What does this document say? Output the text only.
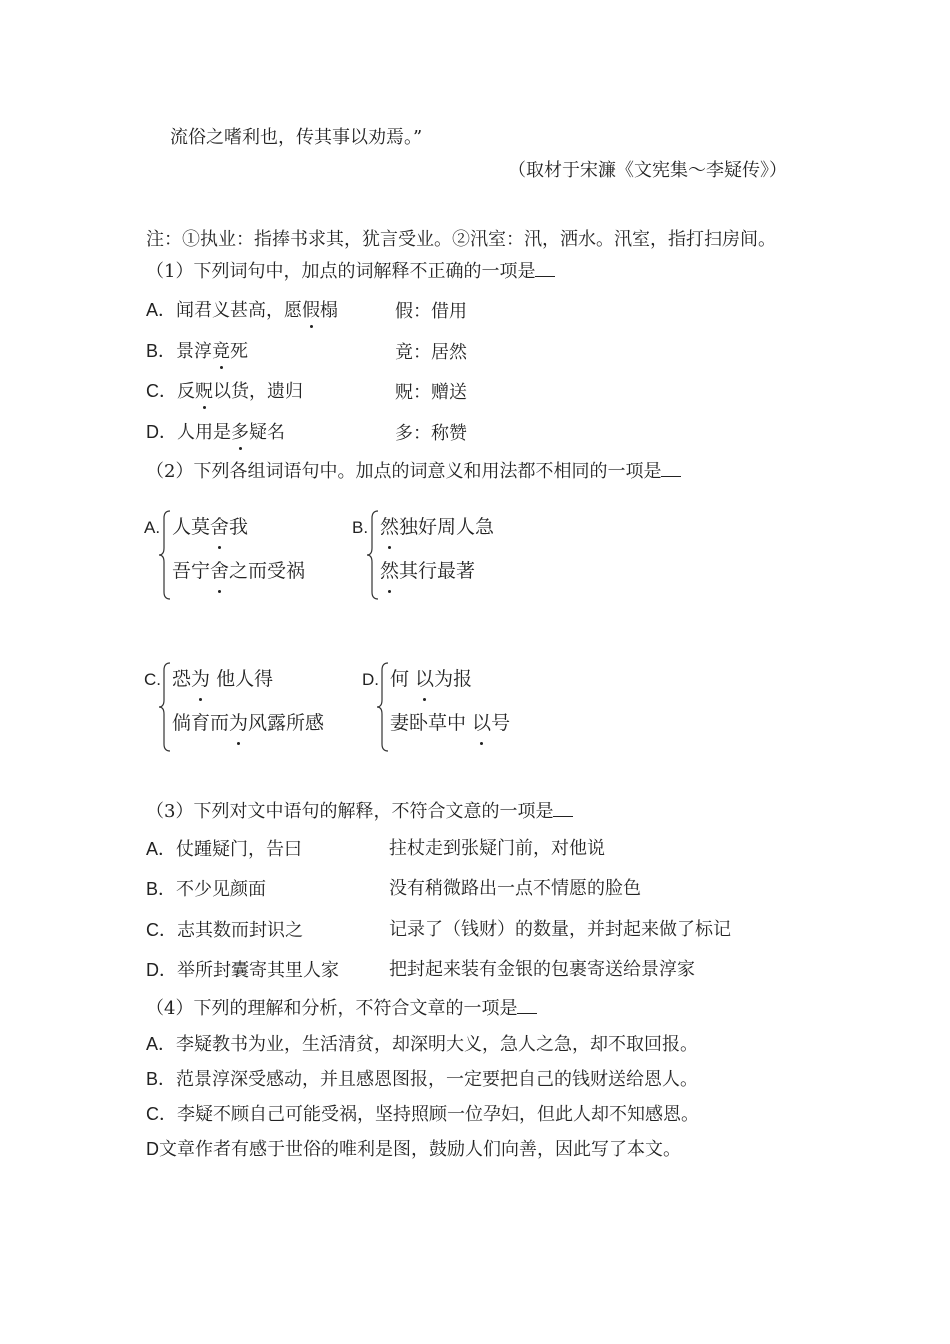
流俗之嗜利也，传其事以劝焉。”
（取材于宋濂《文宪集～李疑传》）
注：①执业：指捧书求其，犹言受业。②汛室：汛，洒水。汛室，指打扫房间。
（1）下列词句中，加点的词解释不正确的一项是
A．闻君义甚高，愿假榻	假：借用
B．景淳竟死	竟：居然
C．反贶以货，遗归	贶：赠送
D．人用是多疑名	多：称赞
（2）下列各组词语句中。加点的词意义和用法都不相同的一项是
A. 人莫舍我
吾宁舍之而受祸
B. 然独好周人急
然其行最著
C. 恐为 他人得
倘育而为风露所感
D. 何 以为报
妻卧草中 以号
（3）下列对文中语句的解释，不符合文意的一项是
A．仗踵疑门，告曰	拄杖走到张疑门前，对他说
B．不少见颜面	没有稍微路出一点不情愿的脸色
C．志其数而封识之	记录了（钱财）的数量，并封起来做了标记
D．举所封囊寄其里人家	把封起来装有金银的包裹寄送给景淳家
（4）下列的理解和分析，不符合文章的一项是
A．李疑教书为业，生活清贫，却深明大义，急人之急，却不取回报。
B．范景淳深受感动，并且感恩图报，一定要把自己的钱财送给恩人。
C．李疑不顾自己可能受祸，坚持照顾一位孕妇，但此人却不知感恩。
D文章作者有感于世俗的唯利是图，鼓励人们向善，因此写了本文。
